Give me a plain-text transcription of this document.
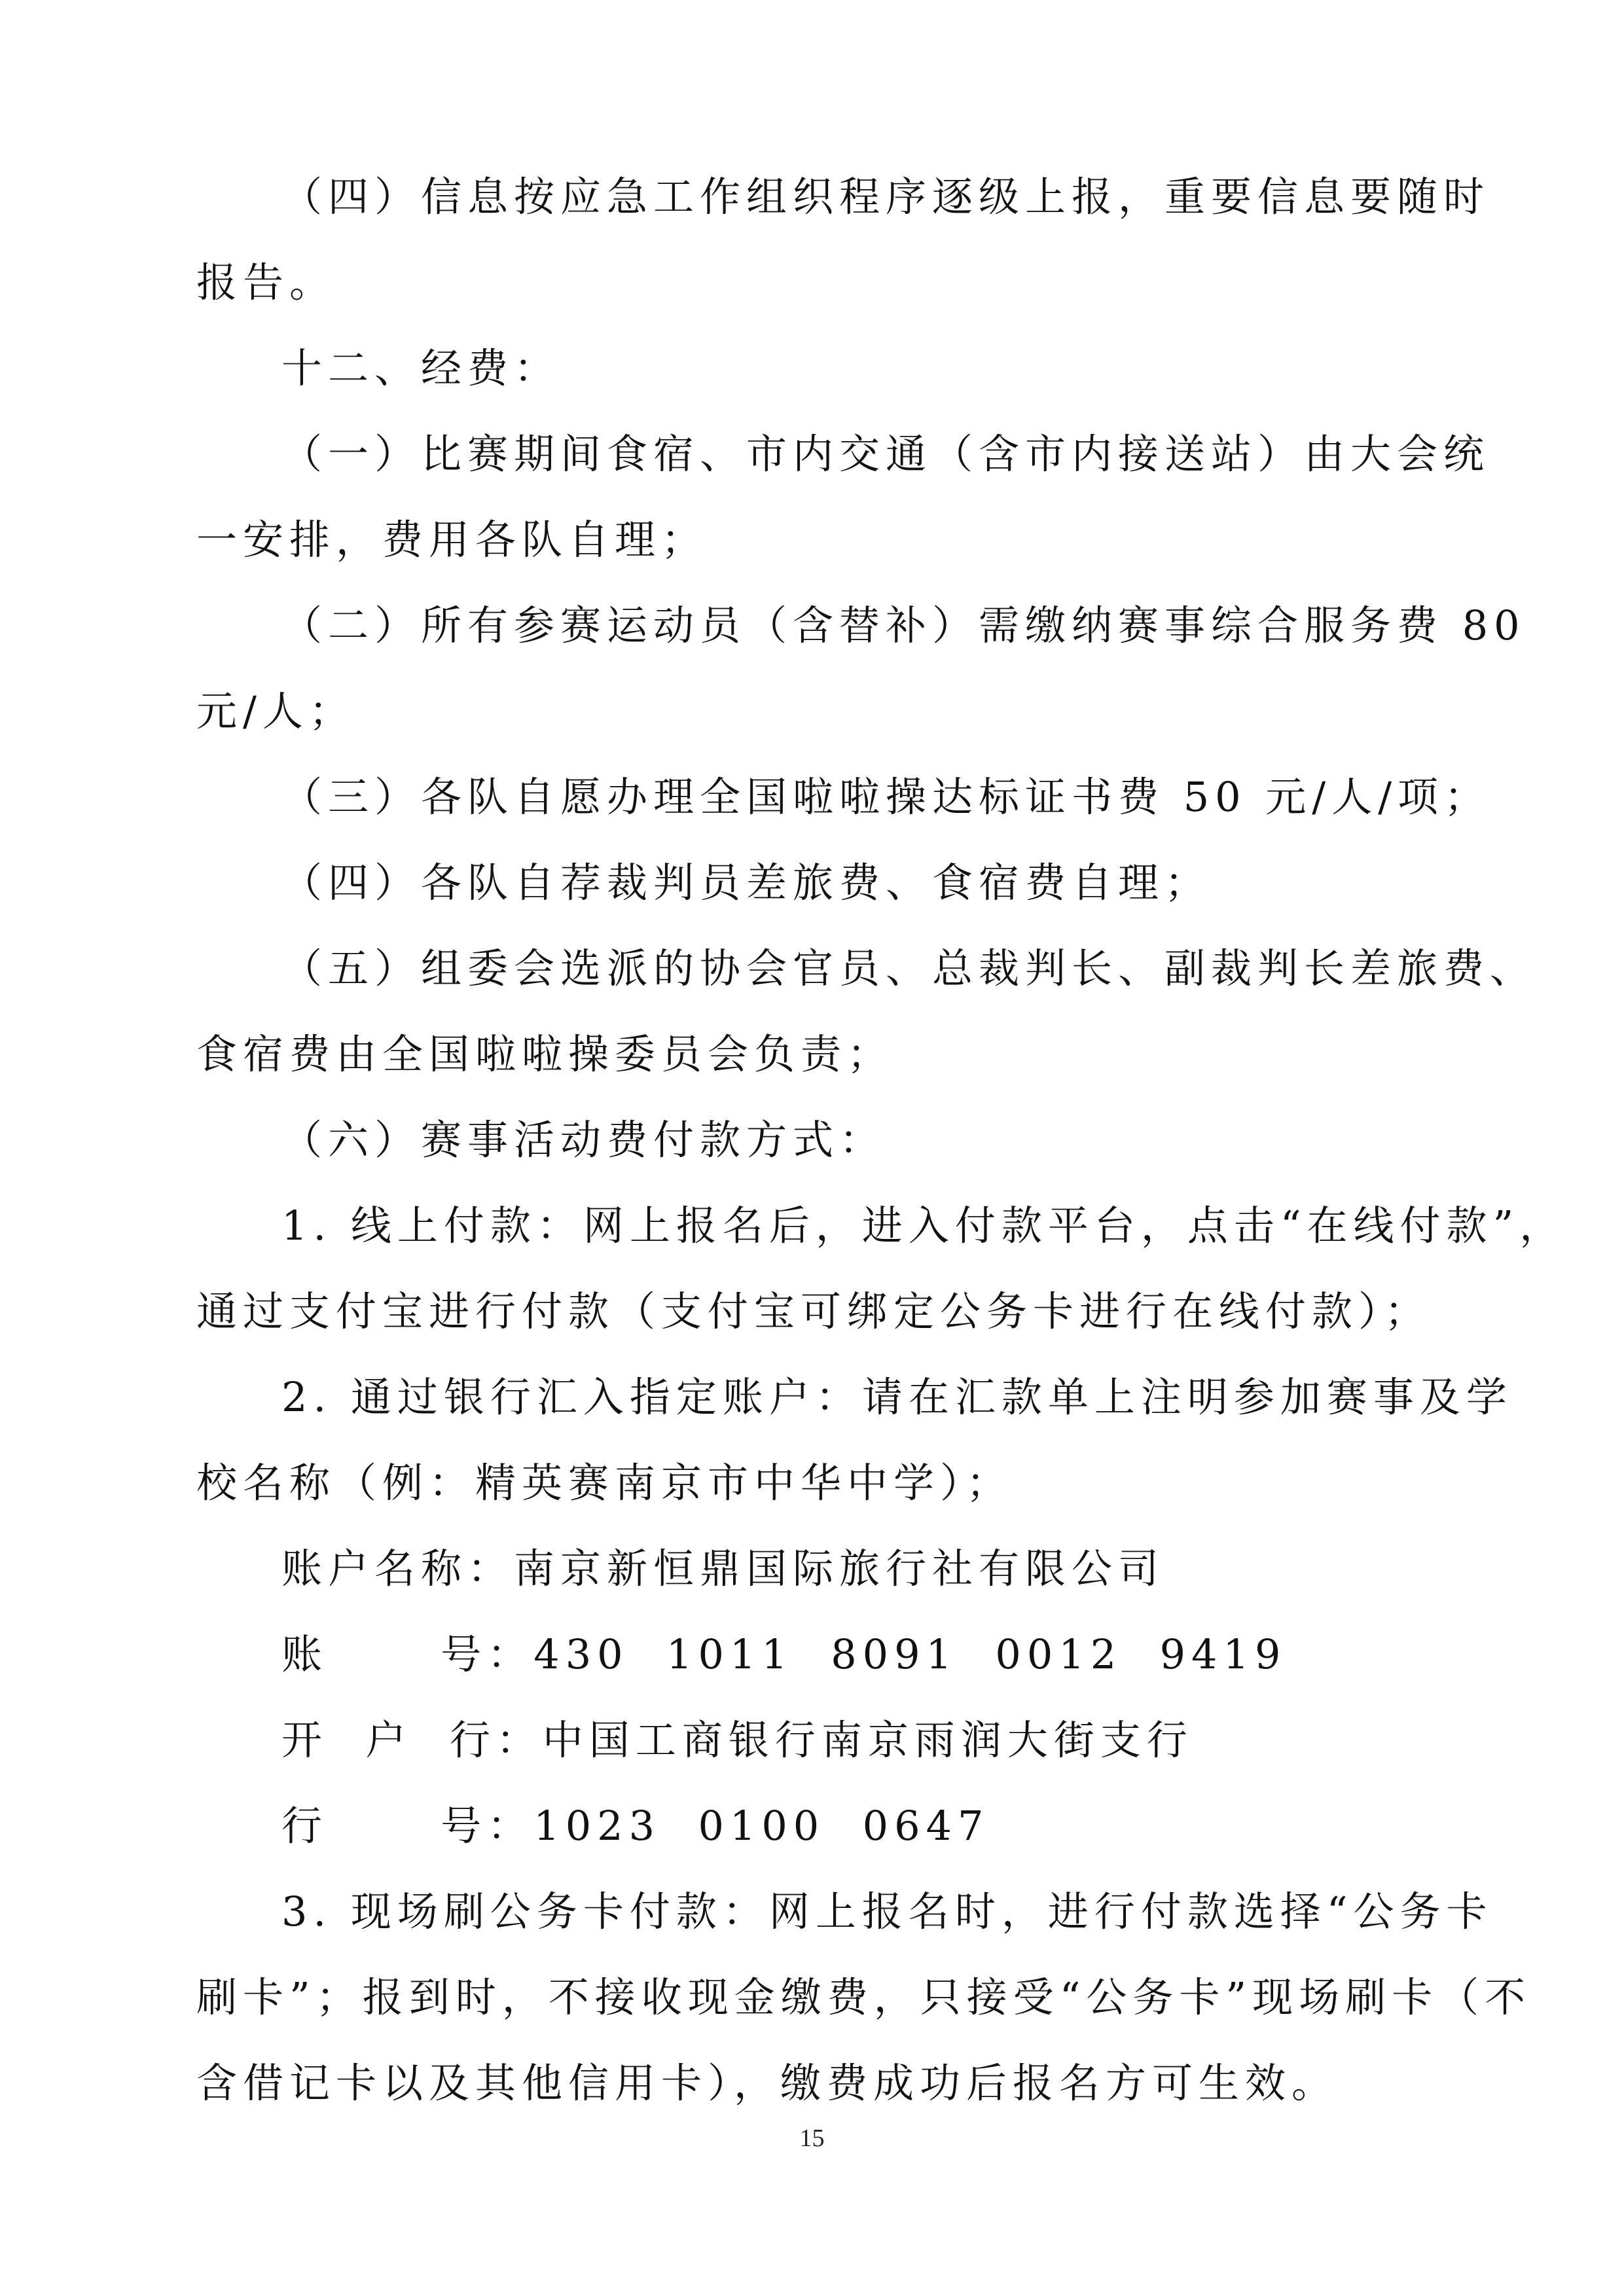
（四）信息按应急工作组织程序逐级上报，重要信息要随时
报告。
十二、经费：
（一）比赛期间食宿、市内交通（含市内接送站）由大会统
一安排，费用各队自理；
（二）所有参赛运动员（含替补）需缴纳赛事综合服务费 80
元/人；
（三）各队自愿办理全国啦啦操达标证书费 50 元/人/项；
（四）各队自荐裁判员差旅费、食宿费自理；
（五）组委会选派的协会官员、总裁判长、副裁判长差旅费、
食宿费由全国啦啦操委员会负责；
（六）赛事活动费付款方式：
1. 线上付款：网上报名后，进入付款平台，点击“在线付款”，
通过支付宝进行付款（支付宝可绑定公务卡进行在线付款）；
2. 通过银行汇入指定账户：请在汇款单上注明参加赛事及学
校名称（例：精英赛南京市中华中学）；
账户名称：南京新恒鼎国际旅行社有限公司
账      号：430  1011  8091  0012  9419
开  户  行：中国工商银行南京雨润大街支行
行      号：1023  0100  0647
3. 现场刷公务卡付款：网上报名时，进行付款选择“公务卡
刷卡”；报到时，不接收现金缴费，只接受“公务卡”现场刷卡（不
含借记卡以及其他信用卡），缴费成功后报名方可生效。
15
